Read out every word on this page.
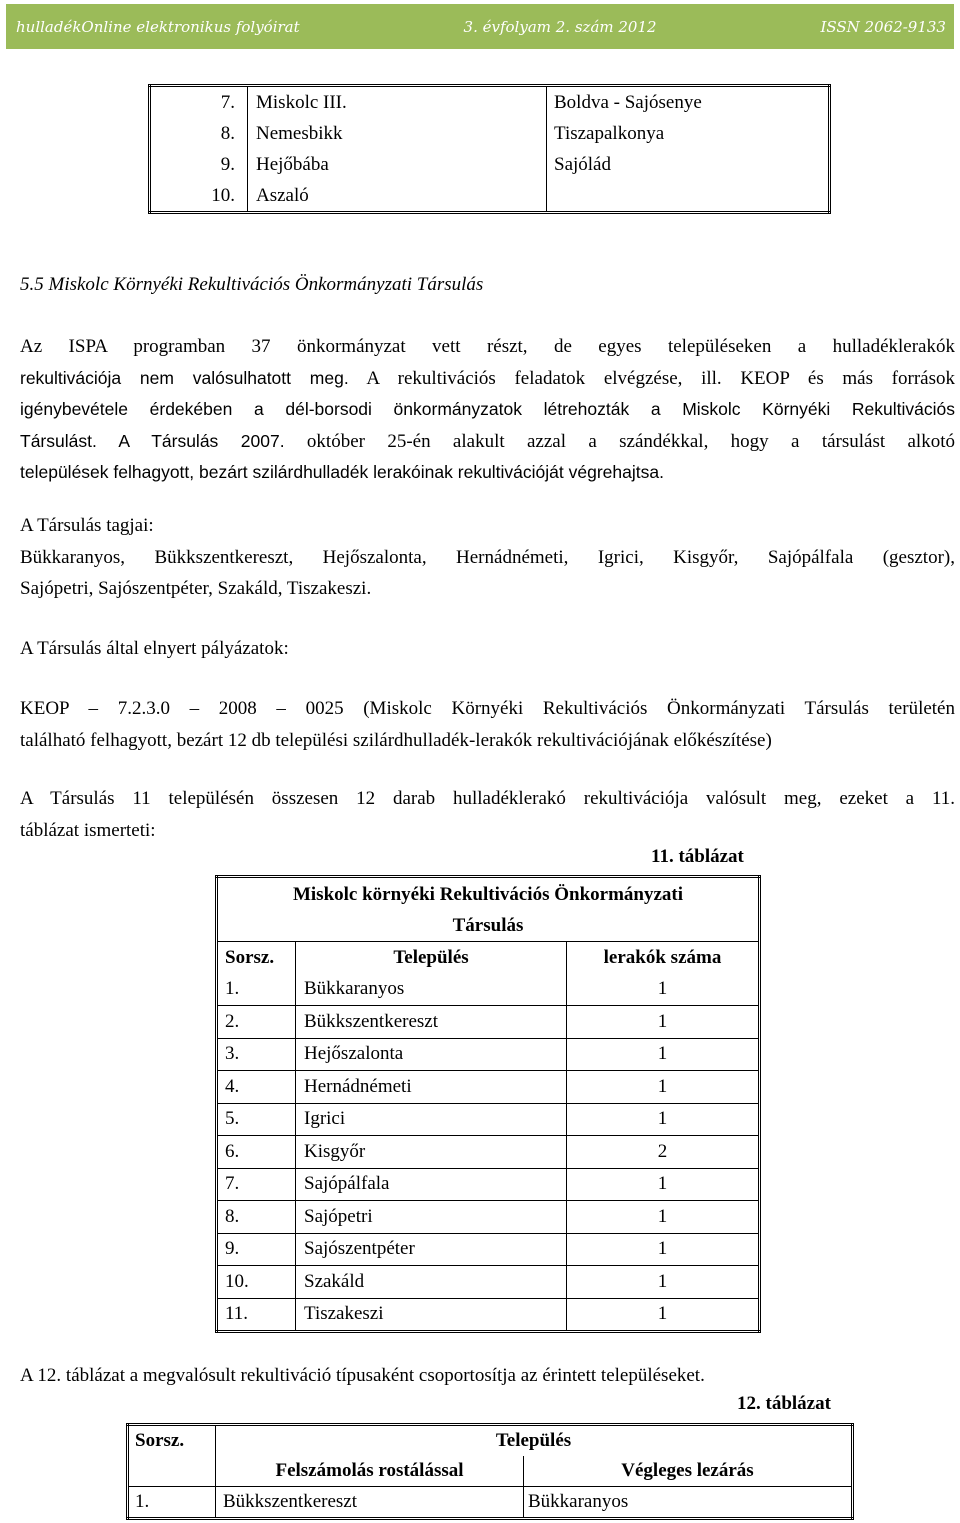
hulladékOnline elektronikus folyóirat	3. évfolyam 2. szám 2012	ISSN 2062-9133
7.	Miskolc III.	Boldva - Sajósenye
8.	Nemesbikk	Tiszapalkonya
9.	Hejőbába	Sajólád
10.	Aszaló	
5.5 Miskolc Környéki Rekultivációs Önkormányzati Társulás
Az ISPA programban 37 önkormányzat vett részt, de egyes településeken a hulladéklerakók
rekultivációja nem valósulhatott meg. A rekultivációs feladatok elvégzése, ill. KEOP és más források
igénybevétele érdekében a dél-borsodi önkormányzatok létrehozták a Miskolc Környéki Rekultivációs
Társulást. A Társulás 2007. október 25-én alakult azzal a szándékkal, hogy a társulást alkotó
települések felhagyott, bezárt szilárdhulladék lerakóinak rekultivációját végrehajtsa.
A Társulás tagjai:
Bükkaranyos, Bükkszentkereszt, Hejőszalonta, Hernádnémeti, Igrici, Kisgyőr, Sajópálfala (gesztor),
Sajópetri, Sajószentpéter, Szakáld, Tiszakeszi.
A Társulás által elnyert pályázatok:
KEOP – 7.2.3.0 – 2008 – 0025 (Miskolc Környéki Rekultivációs Önkormányzati Társulás területén
található felhagyott, bezárt 12 db települési szilárdhulladék-lerakók rekultivációjának előkészítése)
A Társulás 11 településén összesen 12 darab hulladéklerakó rekultivációja valósult meg, ezeket a 11.
táblázat ismerteti:
11. táblázat
Miskolc környéki Rekultivációs Önkormányzati
Társulás		
Sorsz.	Település	lerakók száma
1.	Bükkaranyos	1
2.	Bükkszentkereszt	1
3.	Hejőszalonta	1
4.	Hernádnémeti	1
5.	Igrici	1
6.	Kisgyőr	2
7.	Sajópálfala	1
8.	Sajópetri	1
9.	Sajószentpéter	1
10.	Szakáld	1
11.	Tiszakeszi	1
A 12. táblázat a megvalósult rekultiváció típusaként csoportosítja az érintett településeket.
12. táblázat
Sorsz.	Település	
	Felszámolás rostálással	Végleges lezárás
1.	Bükkszentkereszt	Bükkaranyos
